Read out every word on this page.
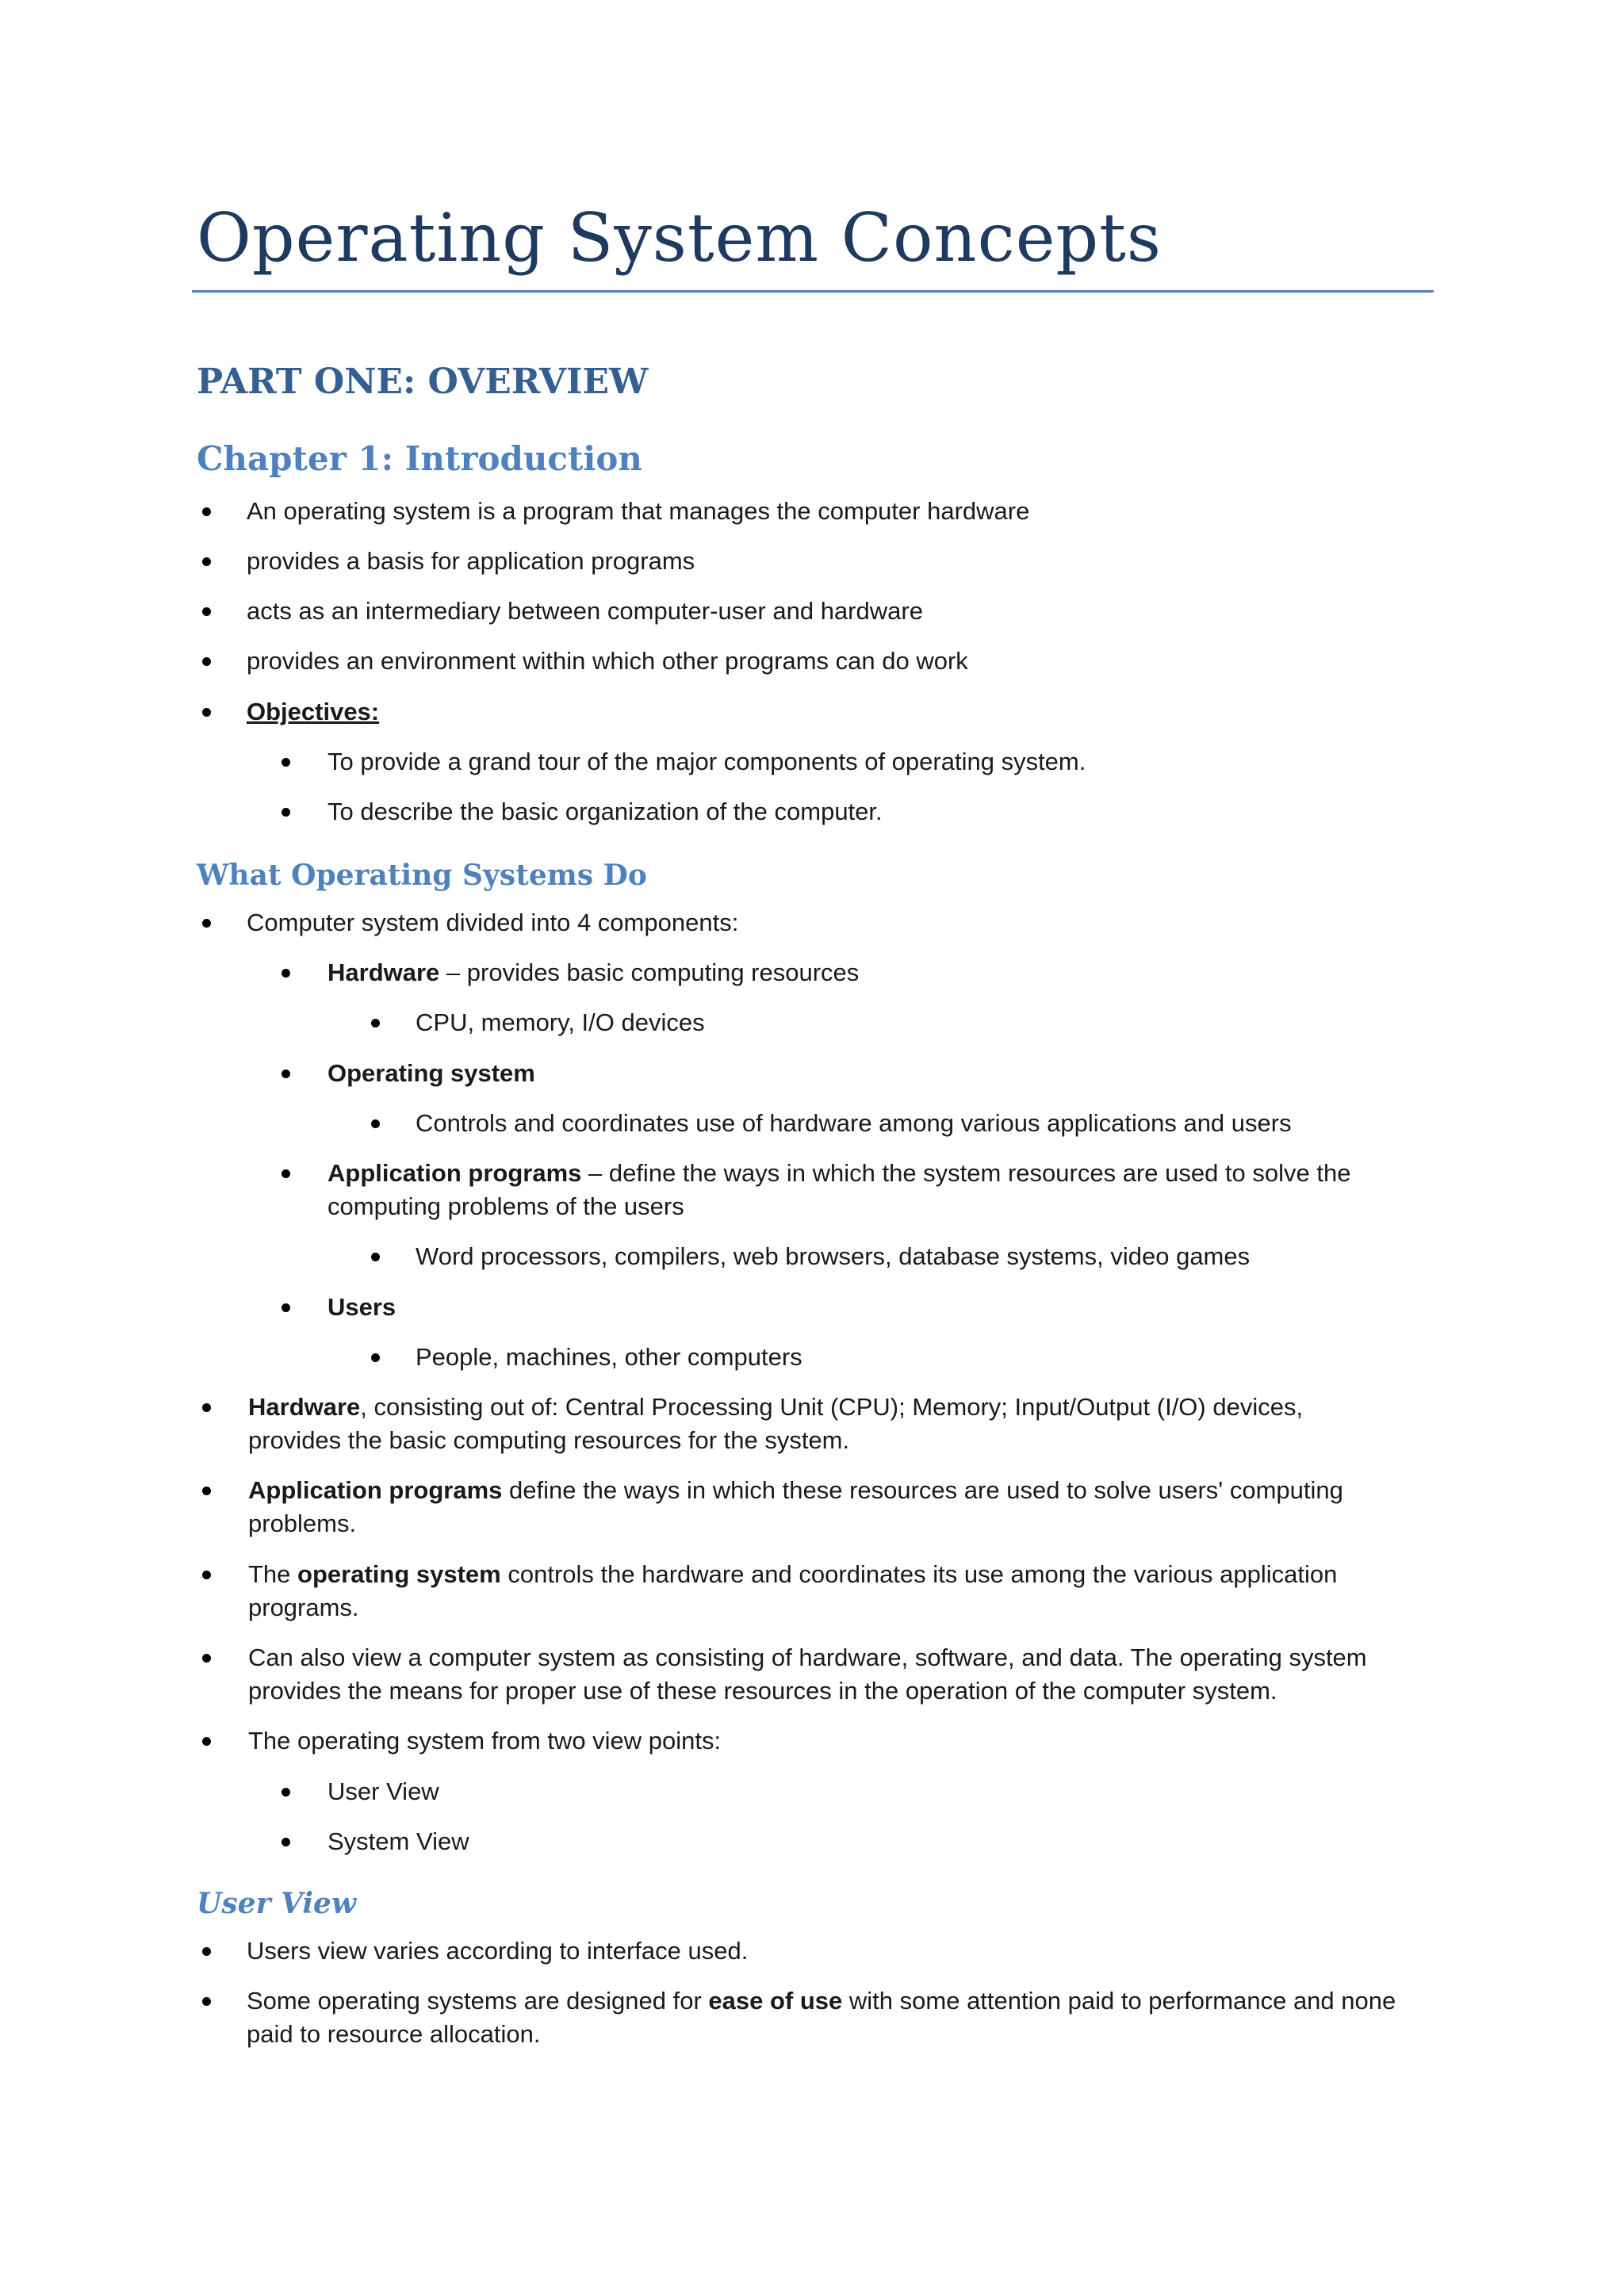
Operating System Concepts
PART ONE: OVERVIEW
Chapter 1: Introduction
An operating system is a program that manages the computer hardware
provides a basis for application programs
acts as an intermediary between computer-user and hardware
provides an environment within which other programs can do work
Objectives:
To provide a grand tour of the major components of operating system.
To describe the basic organization of the computer.
What Operating Systems Do
Computer system divided into 4 components:
Hardware – provides basic computing resources
CPU, memory, I/O devices
Operating system
Controls and coordinates use of hardware among various applications and users
Application programs – define the ways in which the system resources are used to solve the
computing problems of the users
Word processors, compilers, web browsers, database systems, video games
Users
People, machines, other computers
Hardware, consisting out of: Central Processing Unit (CPU); Memory; Input/Output (I/O) devices,
provides the basic computing resources for the system.
Application programs define the ways in which these resources are used to solve users' computing
problems.
The operating system controls the hardware and coordinates its use among the various application
programs.
Can also view a computer system as consisting of hardware, software, and data. The operating system
provides the means for proper use of these resources in the operation of the computer system.
The operating system from two view points:
User View
System View
User View
Users view varies according to interface used.
Some operating systems are designed for ease of use with some attention paid to performance and none
paid to resource allocation.
